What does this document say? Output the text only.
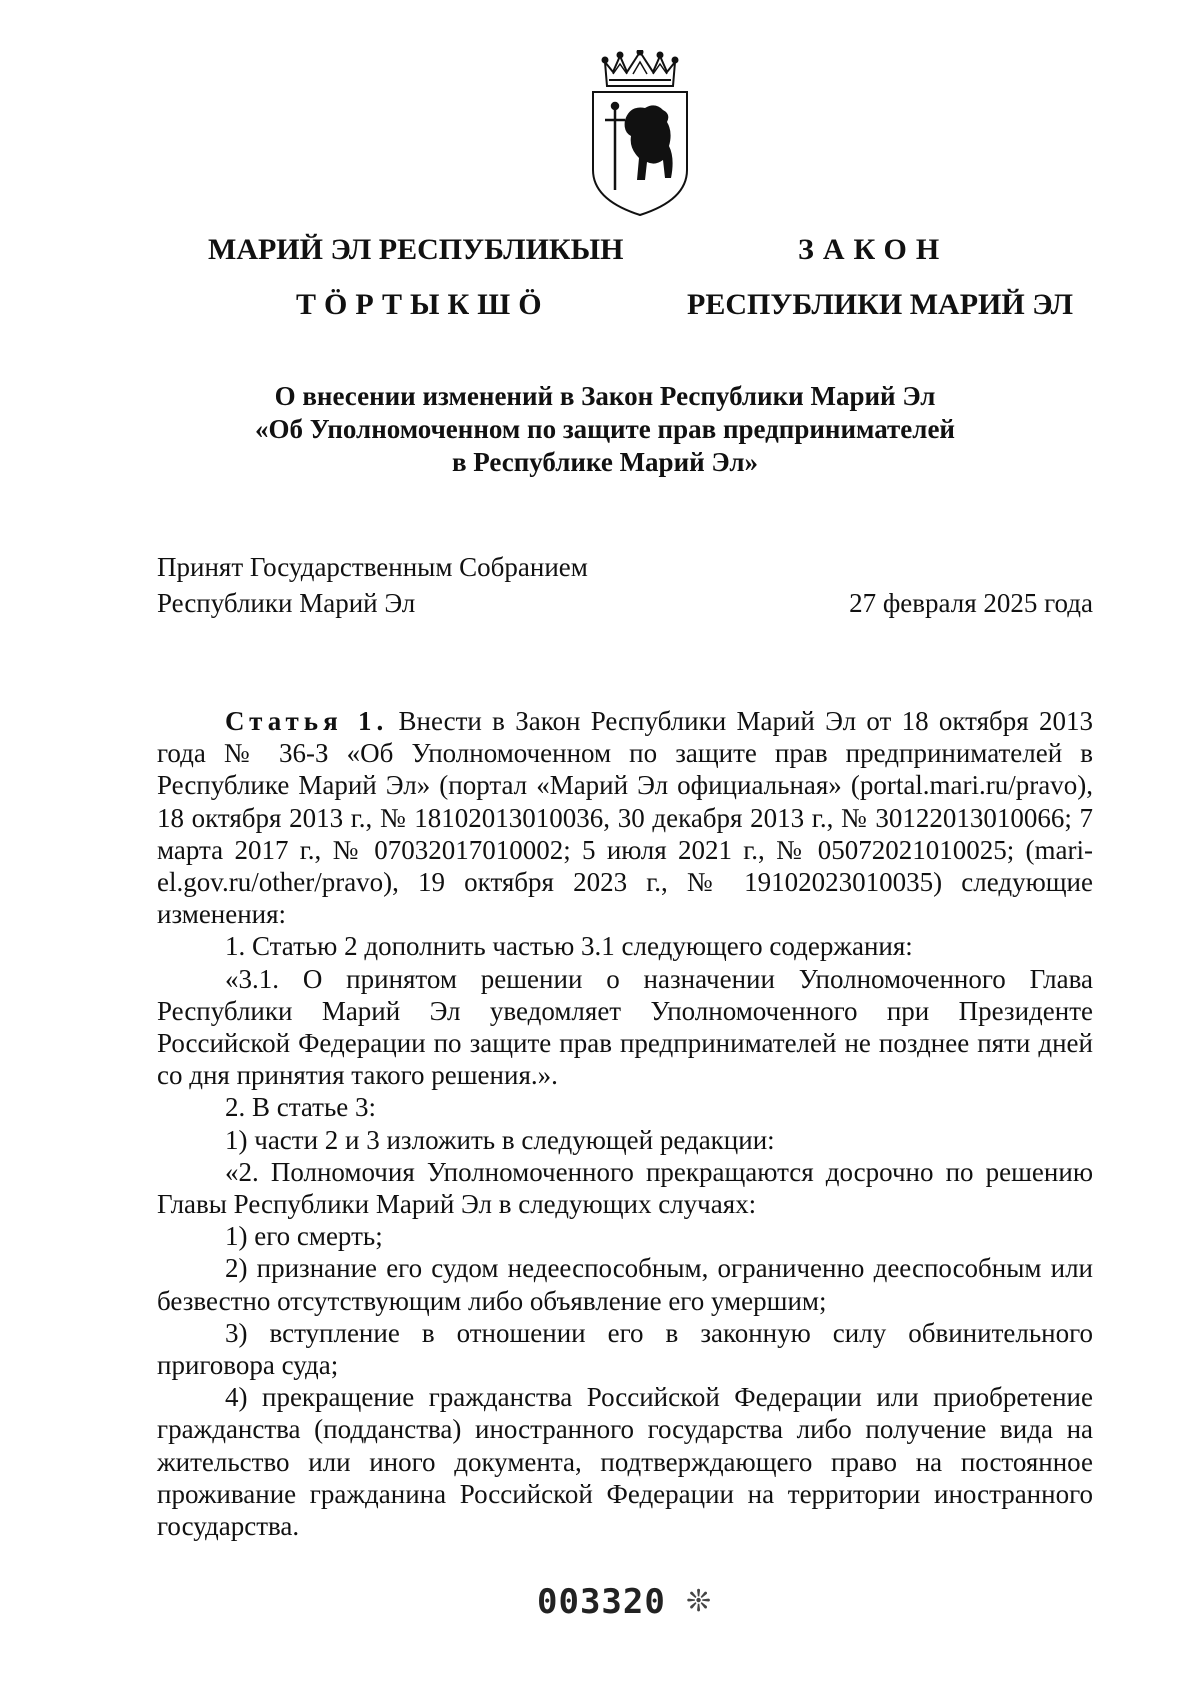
МАРИЙ ЭЛ РЕСПУБЛИКЫН
ТӦРТЫКШӦ
ЗАКОН
РЕСПУБЛИКИ МАРИЙ ЭЛ
О внесении изменений в Закон Республики Марий Эл
«Об Уполномоченном по защите прав предпринимателей
в Республике Марий Эл»
Принят Государственным Собранием
Республики Марий Эл	27 февраля 2025 года

Статья 1. Внести в Закон Республики Марий Эл от 18 октября 2013 года № 36-З «Об Уполномоченном по защите прав предпринимателей в Республике Марий Эл» (портал «Марий Эл официальная» (portal.mari.ru/pravo), 18 октября 2013 г., № 18102013010036, 30 декабря 2013 г., № 30122013010066; 7 марта 2017 г., № 07032017010002; 5 июля 2021 г., № 05072021010025; (mari-el.gov.ru/other/pravo), 19 октября 2023 г., № 19102023010035) следующие изменения:

1. Статью 2 дополнить частью 3.1 следующего содержания:

«3.1. О принятом решении о назначении Уполномоченного Глава Республики Марий Эл уведомляет Уполномоченного при Президенте Российской Федерации по защите прав предпринимателей не позднее пяти дней со дня принятия такого решения.».

2. В статье 3:

1) части 2 и 3 изложить в следующей редакции:

«2. Полномочия Уполномоченного прекращаются досрочно по решению Главы Республики Марий Эл в следующих случаях:

1) его смерть;

2) признание его судом недееспособным, ограниченно дееспособным или безвестно отсутствующим либо объявление его умершим;

3) вступление в отношении его в законную силу обвинительного приговора суда;

4) прекращение гражданства Российской Федерации или приобретение гражданства (подданства) иностранного государства либо получение вида на жительство или иного документа, подтверждающего право на постоянное проживание гражданина Российской Федерации на территории иностранного государства.

003320 ❊
